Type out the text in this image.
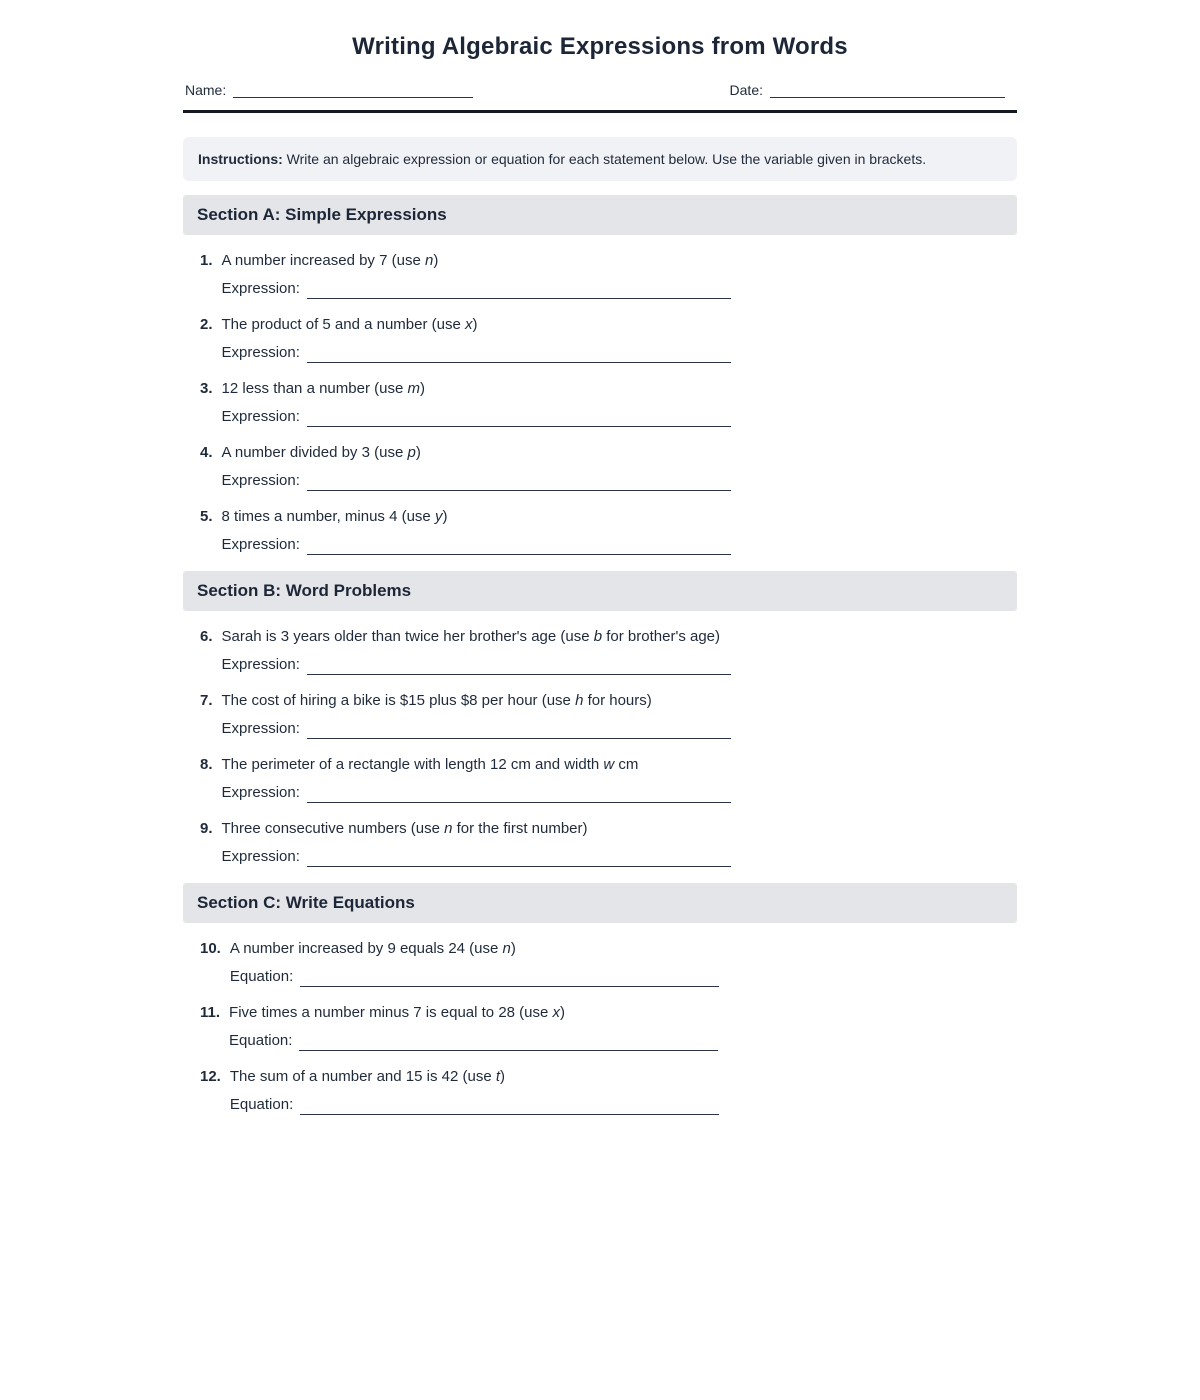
Writing Algebraic Expressions from Words
Name:	Date:
Instructions: Write an algebraic expression or equation for each statement below. Use the variable given in brackets.
Section A: Simple Expressions
1. A number increased by 7 (use n)
Expression:
2. The product of 5 and a number (use x)
Expression:
3. 12 less than a number (use m)
Expression:
4. A number divided by 3 (use p)
Expression:
5. 8 times a number, minus 4 (use y)
Expression:
Section B: Word Problems
6. Sarah is 3 years older than twice her brother's age (use b for brother's age)
Expression:
7. The cost of hiring a bike is $15 plus $8 per hour (use h for hours)
Expression:
8. The perimeter of a rectangle with length 12 cm and width w cm
Expression:
9. Three consecutive numbers (use n for the first number)
Expression:
Section C: Write Equations
10. A number increased by 9 equals 24 (use n)
Equation:
11. Five times a number minus 7 is equal to 28 (use x)
Equation:
12. The sum of a number and 15 is 42 (use t)
Equation:
